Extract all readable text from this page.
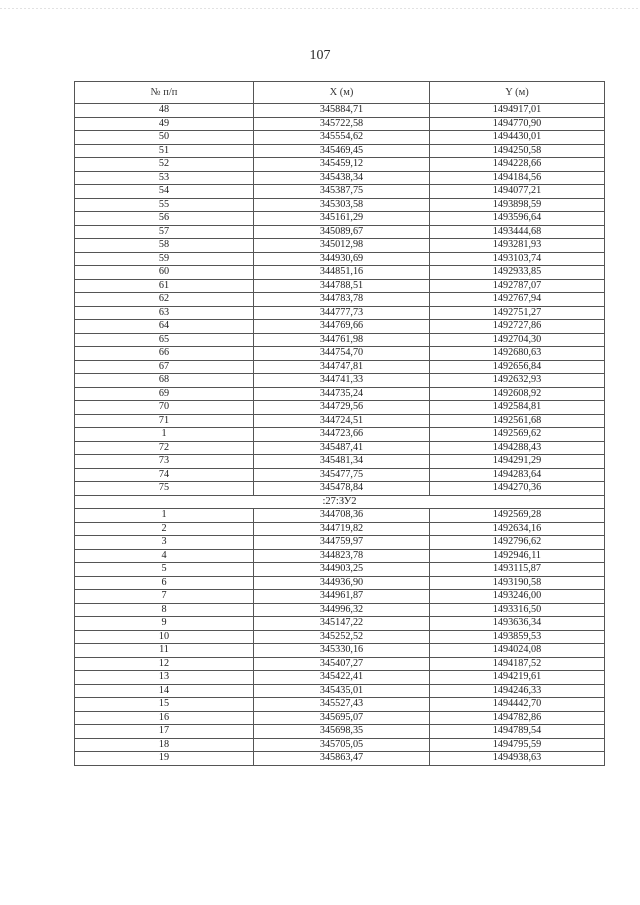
107
№ п/п	X (м)	Y (м)
48	345884,71	1494917,01
49	345722,58	1494770,90
50	345554,62	1494430,01
51	345469,45	1494250,58
52	345459,12	1494228,66
53	345438,34	1494184,56
54	345387,75	1494077,21
55	345303,58	1493898,59
56	345161,29	1493596,64
57	345089,67	1493444,68
58	345012,98	1493281,93
59	344930,69	1493103,74
60	344851,16	1492933,85
61	344788,51	1492787,07
62	344783,78	1492767,94
63	344777,73	1492751,27
64	344769,66	1492727,86
65	344761,98	1492704,30
66	344754,70	1492680,63
67	344747,81	1492656,84
68	344741,33	1492632,93
69	344735,24	1492608,92
70	344729,56	1492584,81
71	344724,51	1492561,68
1	344723,66	1492569,62
72	345487,41	1494288,43
73	345481,34	1494291,29
74	345477,75	1494283,64
75	345478,84	1494270,36
:27:ЗУ2		
1	344708,36	1492569,28
2	344719,82	1492634,16
3	344759,97	1492796,62
4	344823,78	1492946,11
5	344903,25	1493115,87
6	344936,90	1493190,58
7	344961,87	1493246,00
8	344996,32	1493316,50
9	345147,22	1493636,34
10	345252,52	1493859,53
11	345330,16	1494024,08
12	345407,27	1494187,52
13	345422,41	1494219,61
14	345435,01	1494246,33
15	345527,43	1494442,70
16	345695,07	1494782,86
17	345698,35	1494789,54
18	345705,05	1494795,59
19	345863,47	1494938,63
